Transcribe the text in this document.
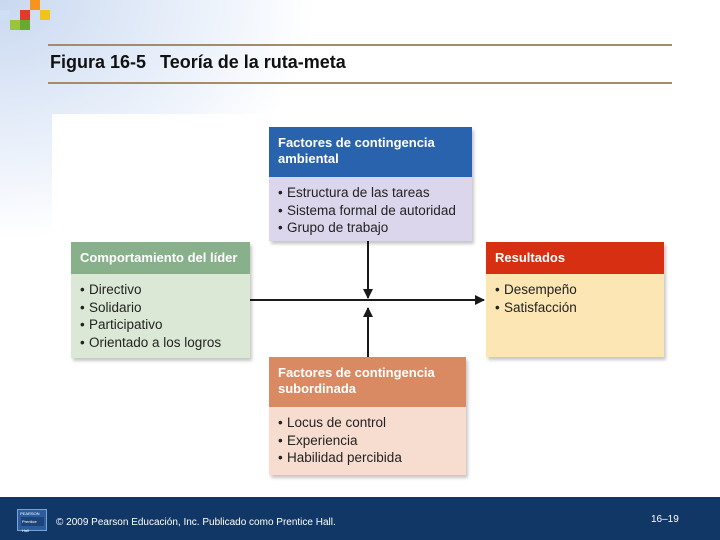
Figura 16-5 Teoría de la ruta-meta
Factores de contingencia
ambiental
• Estructura de las tareas
• Sistema formal de autoridad
• Grupo de trabajo
Comportamiento del líder
• Directivo
• Solidario
• Participativo
• Orientado a los logros
Resultados
• Desempeño
• Satisfacción
Factores de contingencia
subordinada
• Locus de control
• Experiencia
• Habilidad percibida
PEARSON
Prentice Hall
© 2009 Pearson Educación, Inc. Publicado como Prentice Hall.	16–19
